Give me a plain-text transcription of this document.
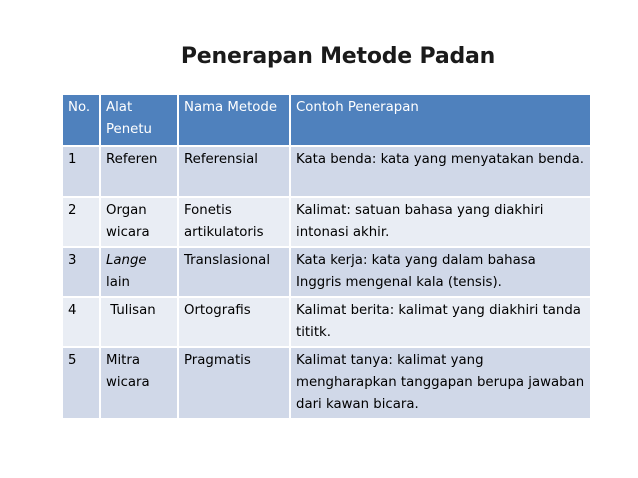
Penerapan Metode Padan
No.	Alat Penetu	Nama Metode	Contoh Penerapan
1	Referen	Referensial	Kata benda: kata yang menyatakan benda.
2	Organ wicara	Fonetis artikulatoris	Kalimat: satuan bahasa yang diakhiri intonasi akhir.
3	Lange lain	Translasional	Kata kerja: kata yang dalam bahasa Inggris mengenal kala (tensis).
4	Tulisan	Ortografis	Kalimat berita: kalimat yang diakhiri tanda tititk.
5	Mitra wicara	Pragmatis	Kalimat tanya: kalimat yang mengharapkan tanggapan berupa jawaban dari kawan bicara.
